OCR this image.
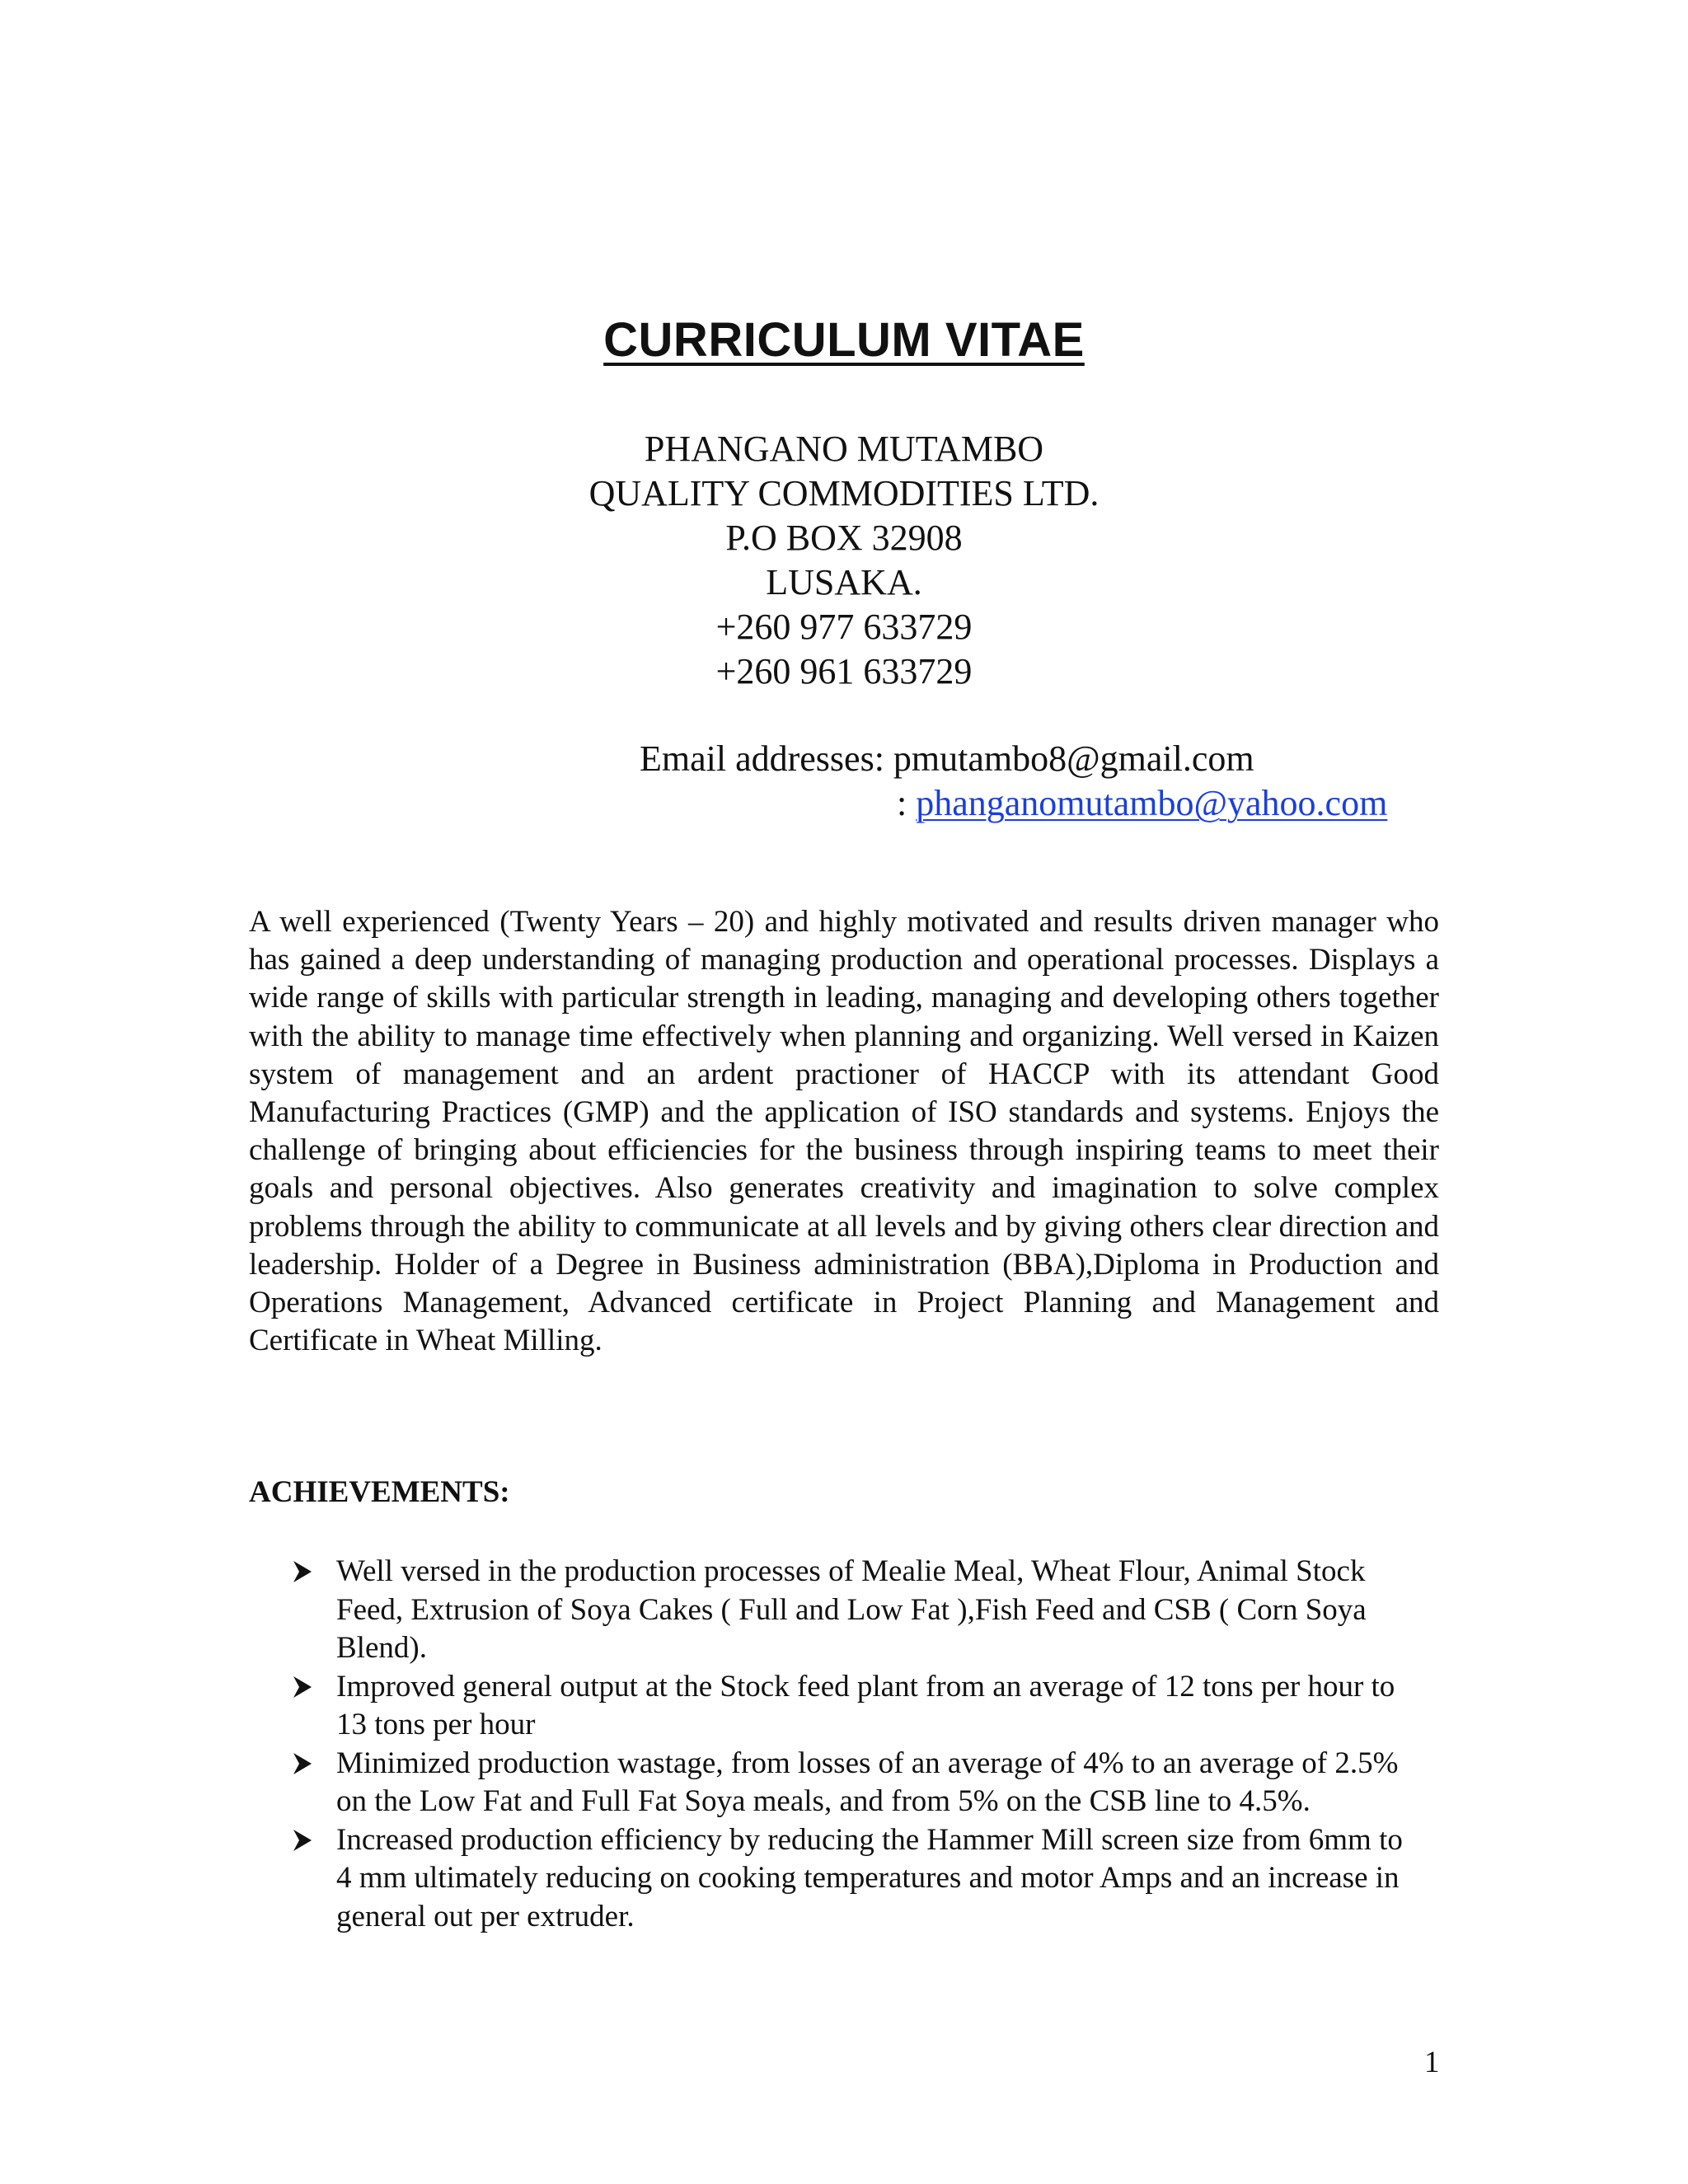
CURRICULUM VITAE
PHANGANO MUTAMBO
QUALITY COMMODITIES LTD.
P.O BOX 32908
LUSAKA.
+260 977 633729
+260 961 633729
Email addresses: pmutambo8@gmail.com
: phanganomutambo@yahoo.com

A well experienced (Twenty Years – 20) and highly motivated and results driven manager who has gained a deep understanding of managing production and operational processes. Displays a wide range of skills with particular strength in leading, managing and developing others together with the ability to manage time effectively when planning and organizing. Well versed in Kaizen system of management and an ardent practioner of HACCP with its attendant Good Manufacturing Practices (GMP) and the application of ISO standards and systems. Enjoys the challenge of bringing about efficiencies for the business through inspiring teams to meet their goals and personal objectives. Also generates creativity and imagination to solve complex problems through the ability to communicate at all levels and by giving others clear direction and leadership. Holder of a Degree in Business administration (BBA),Diploma in Production and Operations Management, Advanced certificate in Project Planning and Management and Certificate in Wheat Milling.

ACHIEVEMENTS:
Well versed in the production processes of Mealie Meal, Wheat Flour, Animal Stock Feed, Extrusion of Soya Cakes ( Full and Low Fat ),Fish Feed and CSB ( Corn Soya Blend).
Improved general output at the Stock feed plant from an average of 12 tons per hour to 13 tons per hour
Minimized production wastage, from losses of an average of 4% to an average of 2.5% on the Low Fat and Full Fat Soya meals, and from 5% on the CSB line to 4.5%.
Increased production efficiency by reducing the Hammer Mill screen size from 6mm to 4 mm ultimately reducing on cooking temperatures and motor Amps and an increase in general out per extruder.
1
